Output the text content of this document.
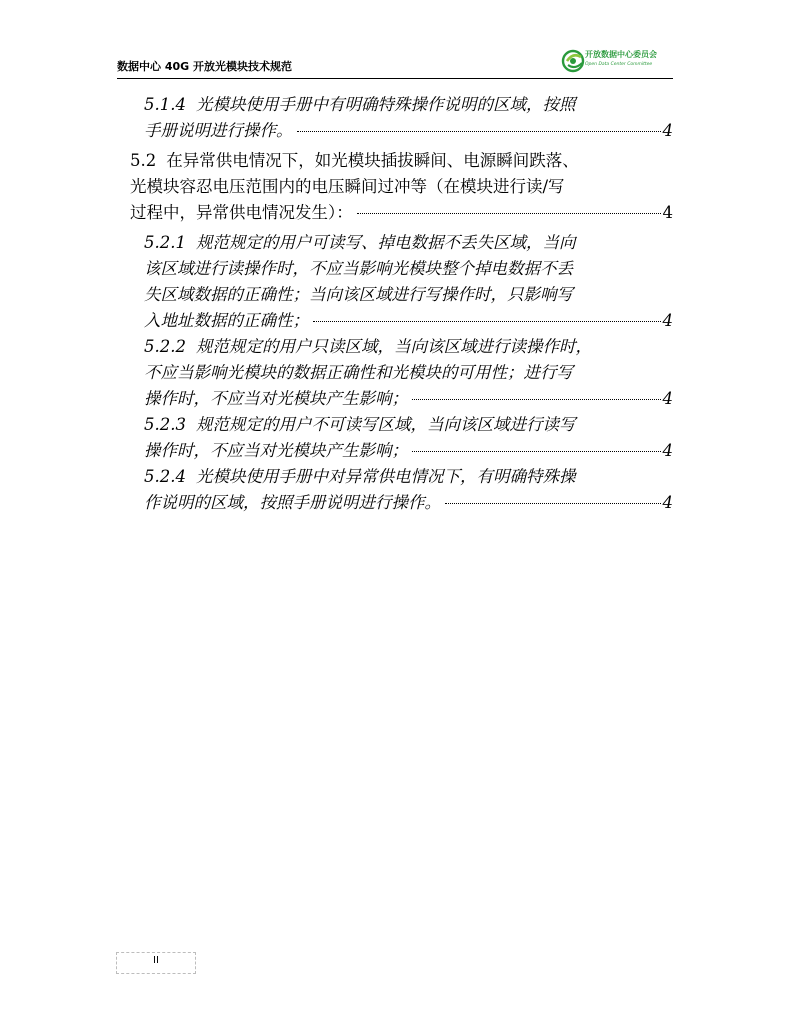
数据中心 40G 开放光模块技术规范
开放数据中心委员会
Open Data Center Committee
5.1.4 光模块使用手册中有明确特殊操作说明的区域，按照
手册说明进行操作。	4
5.2 在异常供电情况下，如光模块插拔瞬间、电源瞬间跌落、
光模块容忍电压范围内的电压瞬间过冲等（在模块进行读/写
过程中，异常供电情况发生）：	4
5.2.1 规范规定的用户可读写、掉电数据不丢失区域，当向
该区域进行读操作时，不应当影响光模块整个掉电数据不丢
失区域数据的正确性；当向该区域进行写操作时，只影响写
入地址数据的正确性；	4
5.2.2 规范规定的用户只读区域，当向该区域进行读操作时，
不应当影响光模块的数据正确性和光模块的可用性；进行写
操作时，不应当对光模块产生影响；	4
5.2.3 规范规定的用户不可读写区域，当向该区域进行读写
操作时，不应当对光模块产生影响；	4
5.2.4 光模块使用手册中对异常供电情况下，有明确特殊操
作说明的区域，按照手册说明进行操作。	4
II
